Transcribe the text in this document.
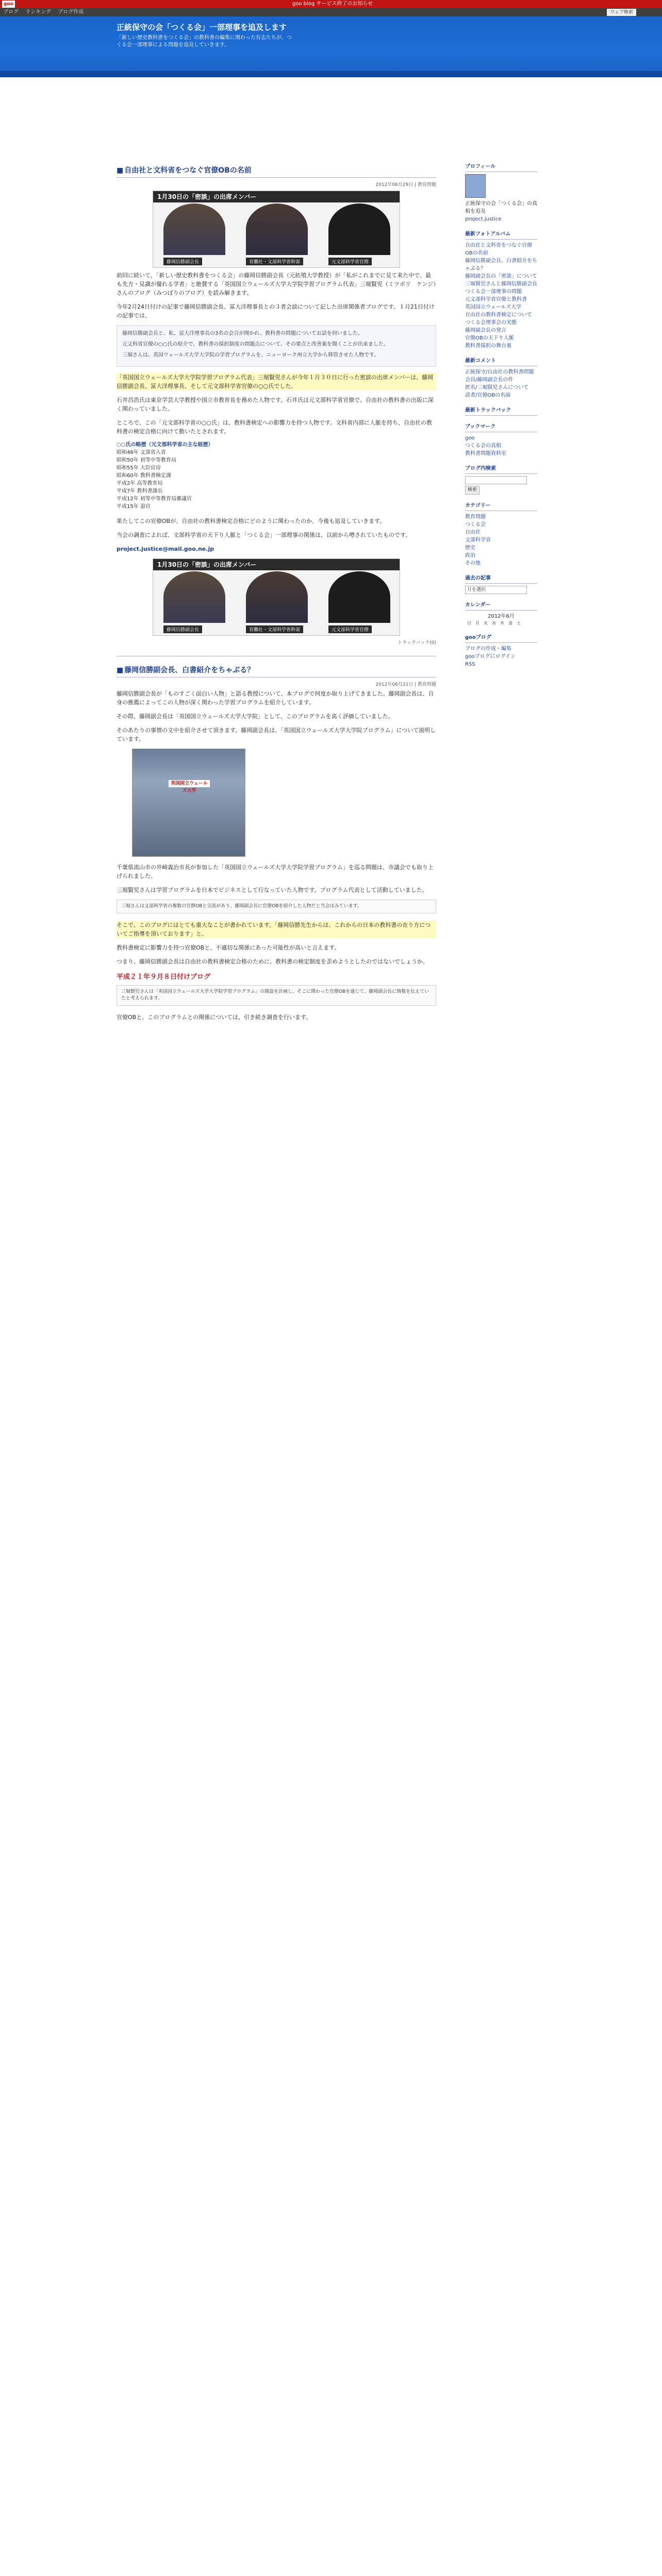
goo	goo blog サービス終了のお知らせ
ブログ ランキング ブログ作成	ウェブ検索
正統保守の会「つくる会」一部理事を追及します
「新しい歴史教科書をつくる会」の教科書の編集に関わった有志たちが、つくる会一部理事による問題を追及していきます。
■ 自由社と文科省をつなぐ官僚OBの名前
2012年06月29日 | 教育問題
1月30日の「密談」の出席メンバー
藤岡信勝副会長	育鵬社・文部科学省幹部	元文部科学省官僚

前回に続いて、「新しい歴史教科書をつくる会」の藤岡信勝副会長（元拓殖大学教授）が「私がこれまでに見て来た中で、最も先方・見識が優れる学者」と絶賛する「英国国立ウェールズ大学大学院学習プログラム代表」三堀賢児（ミツボリ　ケンジ）さんのブログ（みつぼりのブログ）を読み解きます。

今年2月24日付けの記事で藤岡信勝副会長、冨大洋理事長との３者会談について記した出席関係者ブログです。１月21日付けの記事では、

藤岡信勝副会長と、私、冨大洋理事長の3名の会合が開かれ、教科書の問題についてお話を伺いました。
元文科省官僚の○○氏の紹介で、教科書の採択制度の問題点について、その要点と改善案を聞くことが出来ました。
三堀さんは、英国ウェールズ大学大学院の学習プログラムを、ニューヨーク州立大学から移管させた人物です。

「英国国立ウェールズ大学大学院学習プログラム代表」三堀賢児さんが今年１月３０日に行った密談の出席メンバーは、藤岡信勝副会長、冨大洋理事長、そして元文部科学省官僚の○○氏でした。

石井昌浩氏は東京学芸大学教授や国立市教育長を務めた人物です。石井氏は元文部科学省官僚で、自由社の教科書の出版に深く関わっていました。

ところで、この「元文部科学省の○○氏」は、教科書検定への影響力を持つ人物です。文科省内部に人脈を持ち、自由社の教科書の検定合格に向けて動いたとされます。

○○氏の略歴（元文部科学省の主な経歴）
昭和46年 文部省入省
昭和50年 初等中等教育局
昭和55年 大臣官房
昭和60年 教科書検定課
平成2年 高等教育局
平成7年 教科書課長
平成12年 初等中等教育局審議官
平成15年 退官

果たしてこの官僚OBが、自由社の教科書検定合格にどのように関わったのか、今後も追及していきます。

当会の調査によれば、文部科学省の天下り人脈と「つくる会」一部理事の関係は、以前から噂されていたものです。

project.justice@mail.goo.ne.jp

1月30日の「密談」の出席メンバー
藤岡信勝副会長	育鵬社・文部科学省幹部	元文部科学省官僚
トラックバック(0)
■ 藤岡信勝副会長、白書紹介をちゃぶる？
2012年06月21日 | 教育問題

藤岡信勝副会長が「ものすごく面白い人物」と語る教授について、本ブログで何度か取り上げてきました。藤岡副会長は、自身の推薦によってこの人物が深く関わった学習プログラムを紹介しています。

その際、藤岡副会長は「英国国立ウェールズ大学大学院」として、このプログラムを高く評価していました。

そのあたりの事情の文中を紹介させて頂きます。藤岡副会長は、「英国国立ウェールズ大学大学院プログラム」について説明しています。

英国国立ウェールズ大学

千葉県流山市の井崎義治市長が参加した「英国国立ウェールズ大学大学院学習プログラム」を巡る問題は、市議会でも取り上げられました。

三堀賢児さんは学習プログラムを日本でビジネスとして行なっていた人物です。プログラム代表として活動していました。

三堀さんは文部科学省の複数の官僚OBと交流があり、藤岡副会長に官僚OBを紹介した人物だと当会はみています。

そこで、このブログにはとても重大なことが書かれています。「藤岡信勝先生からは、これからの日本の教科書の在り方についてご指導を頂いております」と。

教科書検定に影響力を持つ官僚OBと、不適切な関係にあった可能性が高いと言えます。

つまり、藤岡信勝副会長は自由社の教科書検定合格のために、教科書の検定制度を歪めようとしたのではないでしょうか。

平成２１年９月８日付けブログ
三堀賢児さんは「英国国立ウェールズ大学大学院学習プログラム」の開設を計画し、そこに関わった官僚OBを通じて、藤岡副会長に情報を伝えていたと考えられます。

官僚OBと、このプログラムとの関係については、引き続き調査を行います。

プロフィール
正統保守の会「つくる会」の真相を追及
project.justice
最新フォトアルバム
自由社と文科省をつなぐ官僚OBの名前
藤岡信勝副会長、白書紹介をちゃぶる？
藤岡副会長の「密談」について
三堀賢児さんと藤岡信勝副会長
つくる会一部理事の問題
元文部科学省官僚と教科書
英国国立ウェールズ大学
自由社の教科書検定について
つくる会理事会の実態
藤岡副会長の発言
官僚OBの天下り人脈
教科書採択の舞台裏
最新コメント
正統保守/自由社の教科書問題
会員/藤岡副会長の件
匿名/三堀賢児さんについて
読者/官僚OBの名前
最新トラックバック
ブックマーク
goo
つくる会の真相
教科書問題資料室
ブログ内検索
検索
カテゴリー
教育問題
つくる会
自由社
文部科学省
歴史
政治
その他
過去の記事
月を選択
カレンダー
2012年6月
日	月	火	水	木	金	土
gooブログ
ブログの作成・編集
gooブログにログイン
RSS
